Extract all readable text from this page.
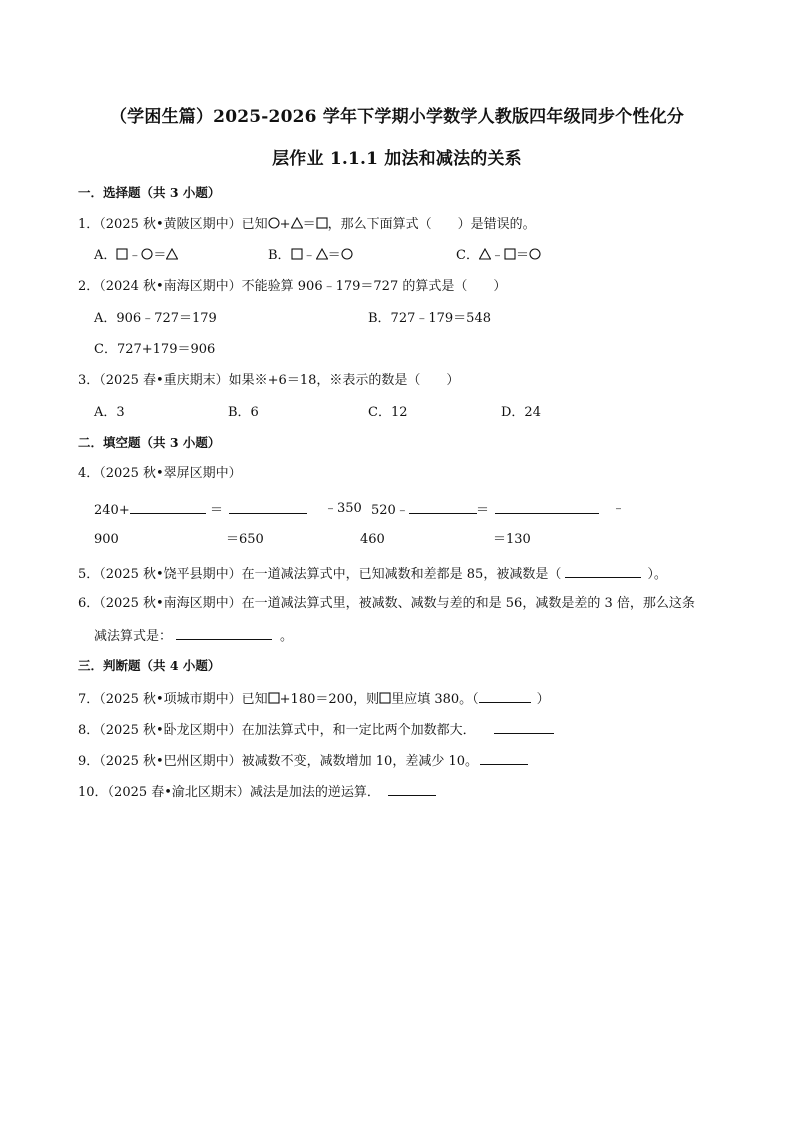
（学困生篇）2025-2026 学年下学期小学数学人教版四年级同步个性化分
层作业 1.1.1 加法和减法的关系
一．选择题（共 3 小题）
1．（2025 秋•黄陂区期中）已知 + ＝ ，那么下面算式（　　）是错误的。
A． ﹣ ＝	B． ﹣ ＝	C． ﹣ ＝
2．（2024 秋•南海区期中）不能验算 906﹣179＝727 的算式是（　　）
A．906﹣727＝179	B．727﹣179＝548
C．727+179＝906
3．（2025 春•重庆期末）如果※+6＝18，※表示的数是（　　）
A．3	B．6	C．12	D．24
二．填空题（共 3 小题）
4．（2025 秋•翠屏区期中）
240+	＝	﹣350 520﹣	＝	﹣
900	＝650	460	＝130
5．（2025 秋•饶平县期中）在一道减法算式中，已知减数和差都是 85，被减数是（	）。
6．（2025 秋•南海区期中）在一道减法算式里，被减数、减数与差的和是 56，减数是差的 3 倍，那么这条
减法算式是：	。
三．判断题（共 4 小题）
7．（2025 秋•项城市期中）已知 +180＝200，则 里应填 380。（	）
8．（2025 秋•卧龙区期中）在加法算式中，和一定比两个加数都大．
9．（2025 秋•巴州区期中）被减数不变，减数增加 10，差减少 10。
10．（2025 春•渝北区期末）减法是加法的逆运算．
